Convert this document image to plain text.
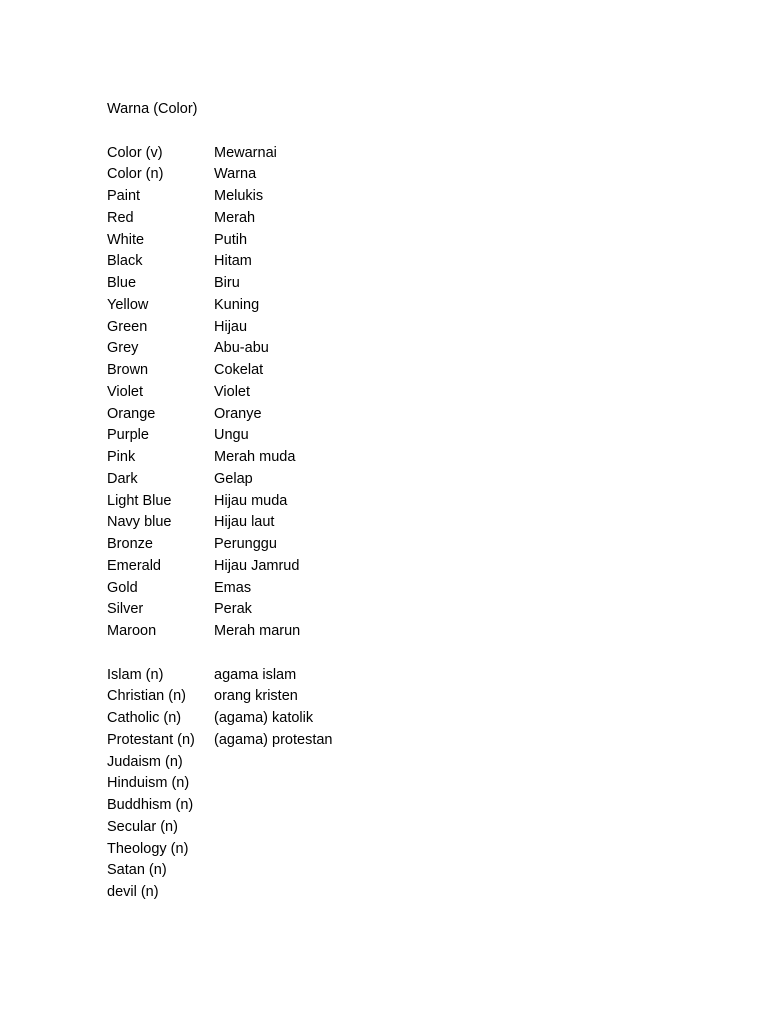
Warna (Color)
Color (v)	Mewarnai
Color (n)	Warna
Paint	Melukis
Red	Merah
White	Putih
Black	Hitam
Blue	Biru
Yellow	Kuning
Green	Hijau
Grey	Abu-abu
Brown	Cokelat
Violet	Violet
Orange	Oranye
Purple	Ungu
Pink	Merah muda
Dark	Gelap
Light Blue	Hijau muda
Navy blue	Hijau laut
Bronze	Perunggu
Emerald	Hijau Jamrud
Gold	Emas
Silver	Perak
Maroon	Merah marun
Islam (n)	agama islam
Christian (n)	orang kristen
Catholic (n)	(agama) katolik
Protestant (n)	(agama) protestan
Judaism (n)
Hinduism (n)
Buddhism (n)
Secular (n)
Theology (n)
Satan (n)
devil (n)
